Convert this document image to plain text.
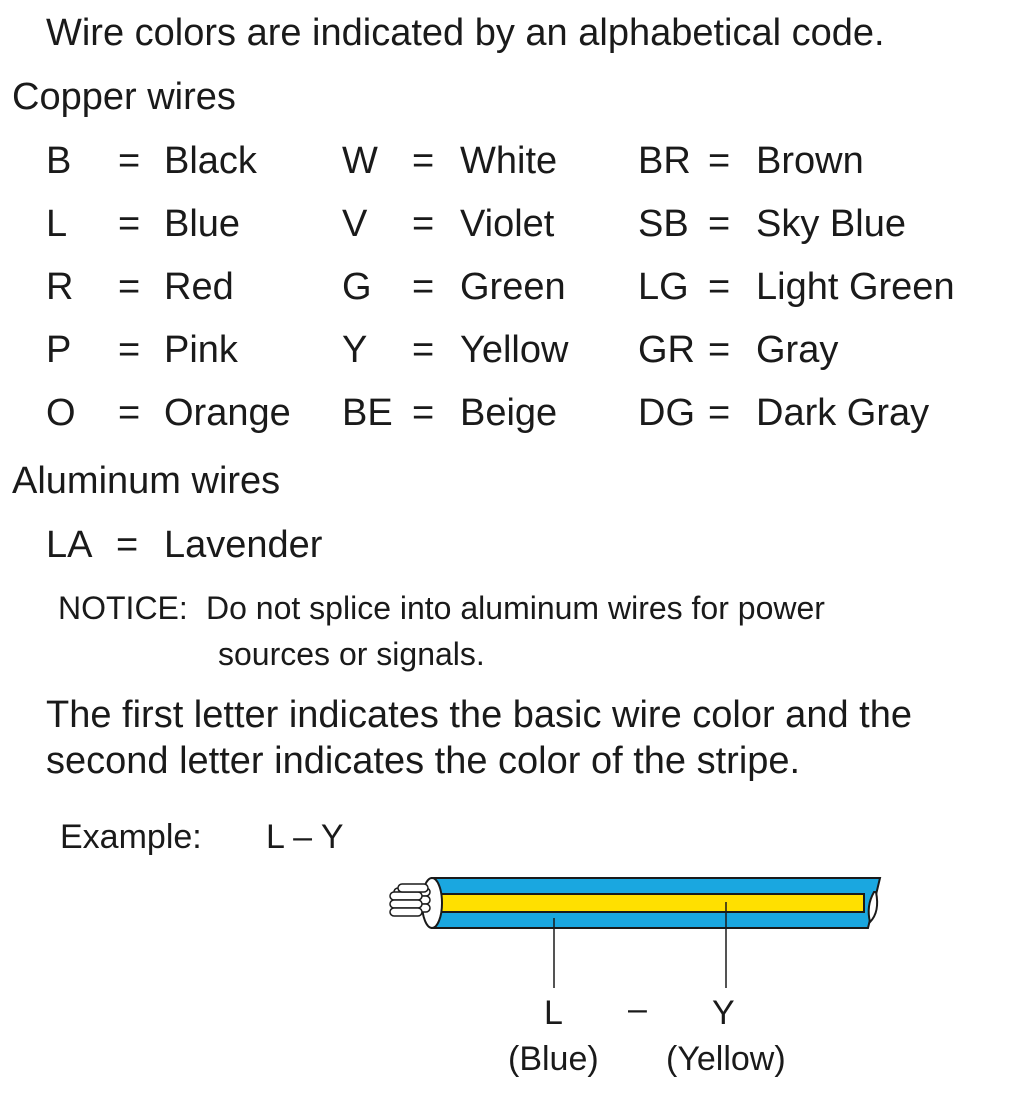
Wire colors are indicated by an alphabetical code.
Copper wires
B = Black
L = Blue
R = Red
P = Pink
O = Orange
W = White
V = Violet
G = Green
Y = Yellow
BE = Beige
BR = Brown
SB = Sky Blue
LG = Light Green
GR = Gray
DG = Dark Gray
Aluminum wires
LA = Lavender
NOTICE: Do not splice into aluminum wires for power
sources or signals.
The first letter indicates the basic wire color and the
second letter indicates the color of the stripe.
Example: L – Y
L – Y
(Blue) (Yellow)
